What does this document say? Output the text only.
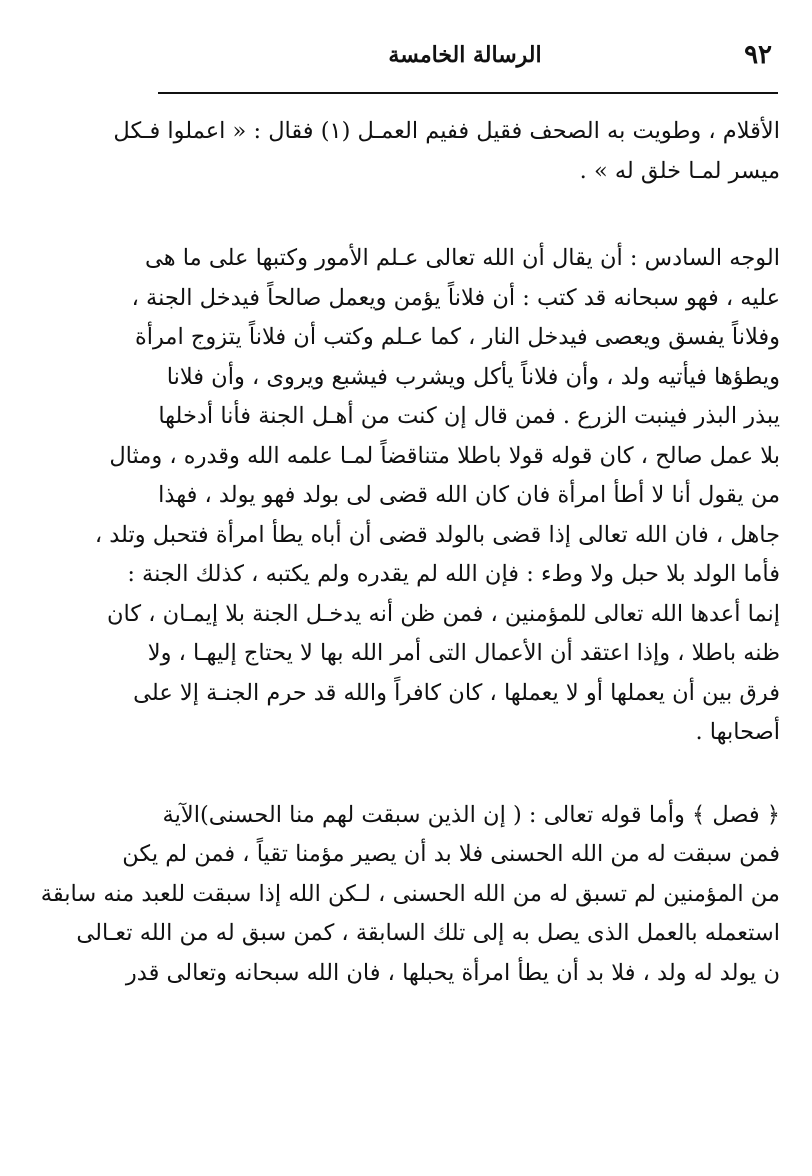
٩٢
الرسالة الخامسة
الأقلام ، وطويت به الصحف فقيل ففيم العمـل (١) فقال : « اعملوا فـكل
ميسر لمـا خلق له » .
الوجه السادس : أن يقال أن الله تعالى عـلم الأمور وكتبها على ما هى
عليه ، فهو سبحانه قد كتب : أن فلاناً يؤمن ويعمل صالحاً فيدخل الجنة ،
وفلاناً يفسق ويعصى فيدخل النار ، كما عـلم وكتب أن فلاناً يتزوج امرأة
ويطؤها فيأتيه ولد ، وأن فلاناً يأكل ويشرب فيشبع ويروى ، وأن فلانا
يبذر البذر فينبت الزرع . فمن قال إن كنت من أهـل الجنة فأنا أدخلها
بلا عمل صالح ، كان قوله قولا باطلا متناقضاً لمـا علمه الله وقدره ، ومثال
من يقول أنا لا أطأ امرأة فان كان الله قضى لى بولد فهو يولد ، فهذا
جاهل ، فان الله تعالى إذا قضى بالولد قضى أن أباه يطأ امرأة فتحبل وتلد ،
فأما الولد بلا حبل ولا وطء : فإن الله لم يقدره ولم يكتبه ، كذلك الجنة :
إنما أعدها الله تعالى للمؤمنين ، فمن ظن أنه يدخـل الجنة بلا إيمـان ، كان
ظنه باطلا ، وإذا اعتقد أن الأعمال التى أمر الله بها لا يحتاج إليهـا ، ولا
فرق بين أن يعملها أو لا يعملها ، كان كافراً والله قد حرم الجنـة إلا على
أصحابها .
﴿ فصل ﴾ وأما قوله تعالى : ( إن الذين سبقت لهم منا الحسنى)الآية
فمن سبقت له من الله الحسنى فلا بد أن يصير مؤمنا تقياً ، فمن لم يكن
من المؤمنين لم تسبق له من الله الحسنى ، لـكن الله إذا سبقت للعبد منه سابقة
استعمله بالعمل الذى يصل به إلى تلك السابقة ، كمن سبق له من الله تعـالى
ن يولد له ولد ، فلا بد أن يطأ امرأة يحبلها ، فان الله سبحانه وتعالى قدر
